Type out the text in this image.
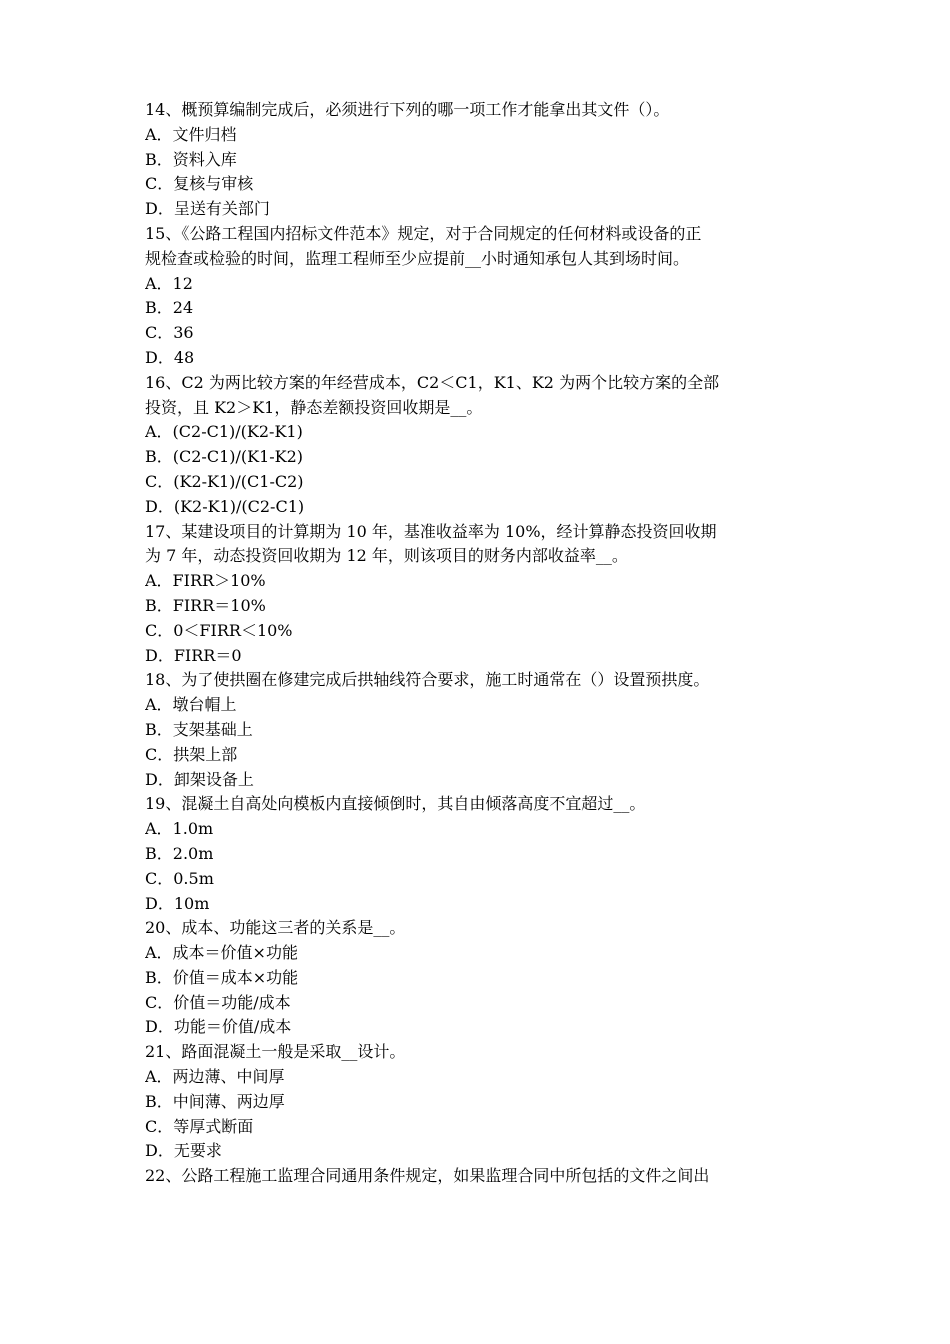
14、概预算编制完成后，必须进行下列的哪一项工作才能拿出其文件（）。
A．文件归档
B．资料入库
C．复核与审核
D．呈送有关部门
15、《公路工程国内招标文件范本》规定，对于合同规定的任何材料或设备的正
规检查或检验的时间，监理工程师至少应提前__小时通知承包人其到场时间。
A．12
B．24
C．36
D．48
16、C2 为两比较方案的年经营成本，C2＜C1，K1、K2 为两个比较方案的全部
投资，且 K2＞K1，静态差额投资回收期是__。
A．(C2-C1)/(K2-K1)
B．(C2-C1)/(K1-K2)
C．(K2-K1)/(C1-C2)
D．(K2-K1)/(C2-C1)
17、某建设项目的计算期为 10 年，基准收益率为 10%，经计算静态投资回收期
为 7 年，动态投资回收期为 12 年，则该项目的财务内部收益率__。
A．FIRR＞10%
B．FIRR＝10%
C．0＜FIRR＜10%
D．FIRR＝0
18、为了使拱圈在修建完成后拱轴线符合要求，施工时通常在（）设置预拱度。
A．墩台帽上
B．支架基础上
C．拱架上部
D．卸架设备上
19、混凝土自高处向模板内直接倾倒时，其自由倾落高度不宜超过__。
A．1.0m
B．2.0m
C．0.5m
D．10m
20、成本、功能这三者的关系是__。
A．成本＝价值×功能
B．价值＝成本×功能
C．价值＝功能/成本
D．功能＝价值/成本
21、路面混凝土一般是采取__设计。
A．两边薄、中间厚
B．中间薄、两边厚
C．等厚式断面
D．无要求
22、公路工程施工监理合同通用条件规定，如果监理合同中所包括的文件之间出
